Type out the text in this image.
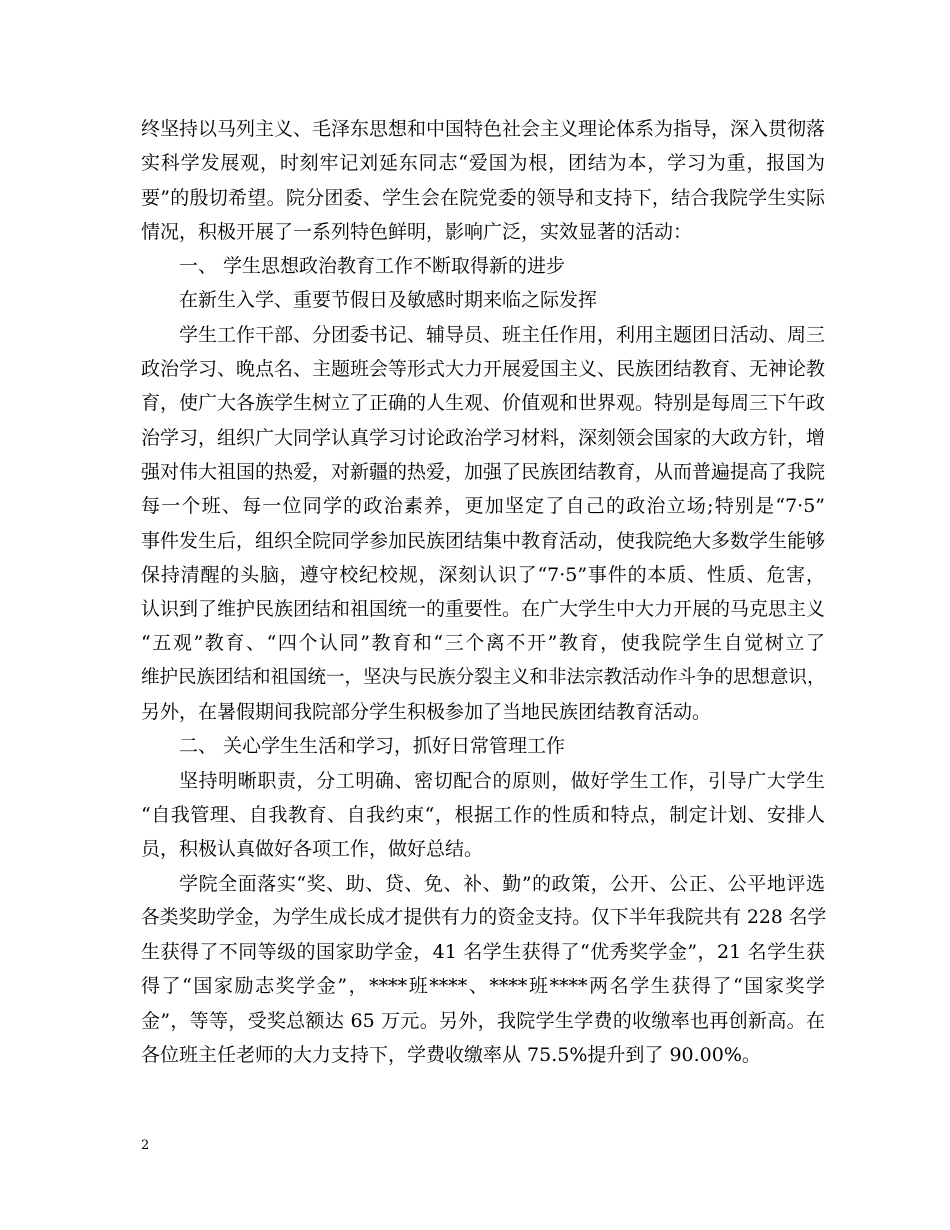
终坚持以马列主义、毛泽东思想和中国特色社会主义理论体系为指导，深入贯彻落
实科学发展观，时刻牢记刘延东同志“爱国为根，团结为本，学习为重，报国为
要”的殷切希望。院分团委、学生会在院党委的领导和支持下，结合我院学生实际
情况，积极开展了一系列特色鲜明，影响广泛，实效显著的活动：
一、 学生思想政治教育工作不断取得新的进步
在新生入学、重要节假日及敏感时期来临之际发挥
学生工作干部、分团委书记、辅导员、班主任作用，利用主题团日活动、周三
政治学习、晚点名、主题班会等形式大力开展爱国主义、民族团结教育、无神论教
育，使广大各族学生树立了正确的人生观、价值观和世界观。特别是每周三下午政
治学习，组织广大同学认真学习讨论政治学习材料，深刻领会国家的大政方针，增
强对伟大祖国的热爱，对新疆的热爱，加强了民族团结教育，从而普遍提高了我院
每一个班、每一位同学的政治素养，更加坚定了自己的政治立场;特别是“7·5”
事件发生后，组织全院同学参加民族团结集中教育活动，使我院绝大多数学生能够
保持清醒的头脑，遵守校纪校规，深刻认识了“7·5”事件的本质、性质、危害，
认识到了维护民族团结和祖国统一的重要性。在广大学生中大力开展的马克思主义
“五观”教育、“四个认同”教育和“三个离不开”教育，使我院学生自觉树立了
维护民族团结和祖国统一，坚决与民族分裂主义和非法宗教活动作斗争的思想意识，
另外，在暑假期间我院部分学生积极参加了当地民族团结教育活动。
二、 关心学生生活和学习，抓好日常管理工作
坚持明晰职责，分工明确、密切配合的原则，做好学生工作，引导广大学生
“自我管理、自我教育、自我约束“，根据工作的性质和特点，制定计划、安排人
员，积极认真做好各项工作，做好总结。
学院全面落实“奖、助、贷、免、补、勤”的政策，公开、公正、公平地评选
各类奖助学金，为学生成长成才提供有力的资金支持。仅下半年我院共有 228 名学
生获得了不同等级的国家助学金，41 名学生获得了“优秀奖学金”，21 名学生获
得了“国家励志奖学金”，****班****、****班****两名学生获得了“国家奖学
金”，等等，受奖总额达 65 万元。另外，我院学生学费的收缴率也再创新高。在
各位班主任老师的大力支持下，学费收缴率从 75.5%提升到了 90.00%。
2
